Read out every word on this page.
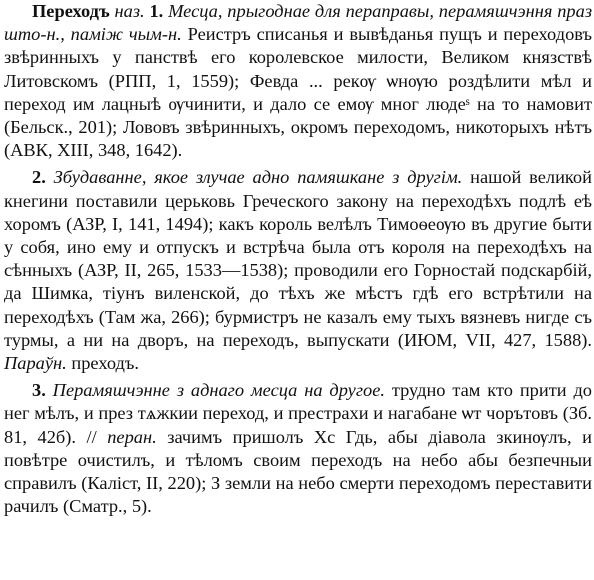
Переходъ наз. 1. Месца, прыгоднае для пераправы, перамяшчэння праз што-н., паміж чым-н. Реистръ списанья и вывѣданья пущъ и переходовъ звѣринныхъ у панствѣ его королевское милости, Великом князствѣ Литовскомъ (РПП, 1, 1559); Февда ... рекѹ ѡнѹю роздѣлити мѣл и переход им лацныѣ ѹчинити, и дало се емѹ мног людеˢ на то намовит (Бельск., 201); Лововъ звѣринныхъ, окромъ переходомъ, никоторыхъ нѣтъ (АВК, XIII, 348, 1642).

2. Збудаванне, якое злучае адно памяшкане з другім. нашой великой кнегини поставили церьковь Греческого закону на переходѣхъ подлѣ еѣ хоромъ (АЗР, I, 141, 1494); какъ король велѣлъ Тимоѳеѹю въ другие быти у собя, ино ему и отпускъ и встрѣча была отъ короля на переходѣхъ на сѣнныхъ (АЗР, II, 265, 1533—1538); проводили его Горностай подскарбій, да Шимка, тіунъ виленской, до тѣхъ же мѣстъ гдѣ его встрѣтили на переходѣхъ (Там жа, 266); бурмистръ не казалъ ему тыхъ вязневъ нигде съ турмы, а ни на дворъ, на переходъ, выпускати (ИЮМ, VII, 427, 1588). Параўн. преходъ.

3. Перамяшчэнне з аднаго месца на другое. трудно там кто прити до нег мѣлъ, и през тѧжкии переход, и престрахи и нагабане ѡт чорътовъ (Зб. 81, 42б). // перан. зачимъ пришолъ Хс Гдь, абы діавола зкинѹлъ, и повѣтре очистилъ, и тѣломъ своим переходъ на небо абы безпечныи справилъ (Каліст, II, 220); З земли на небо смерти переходомъ переставити рачилъ (Сматр., 5).
